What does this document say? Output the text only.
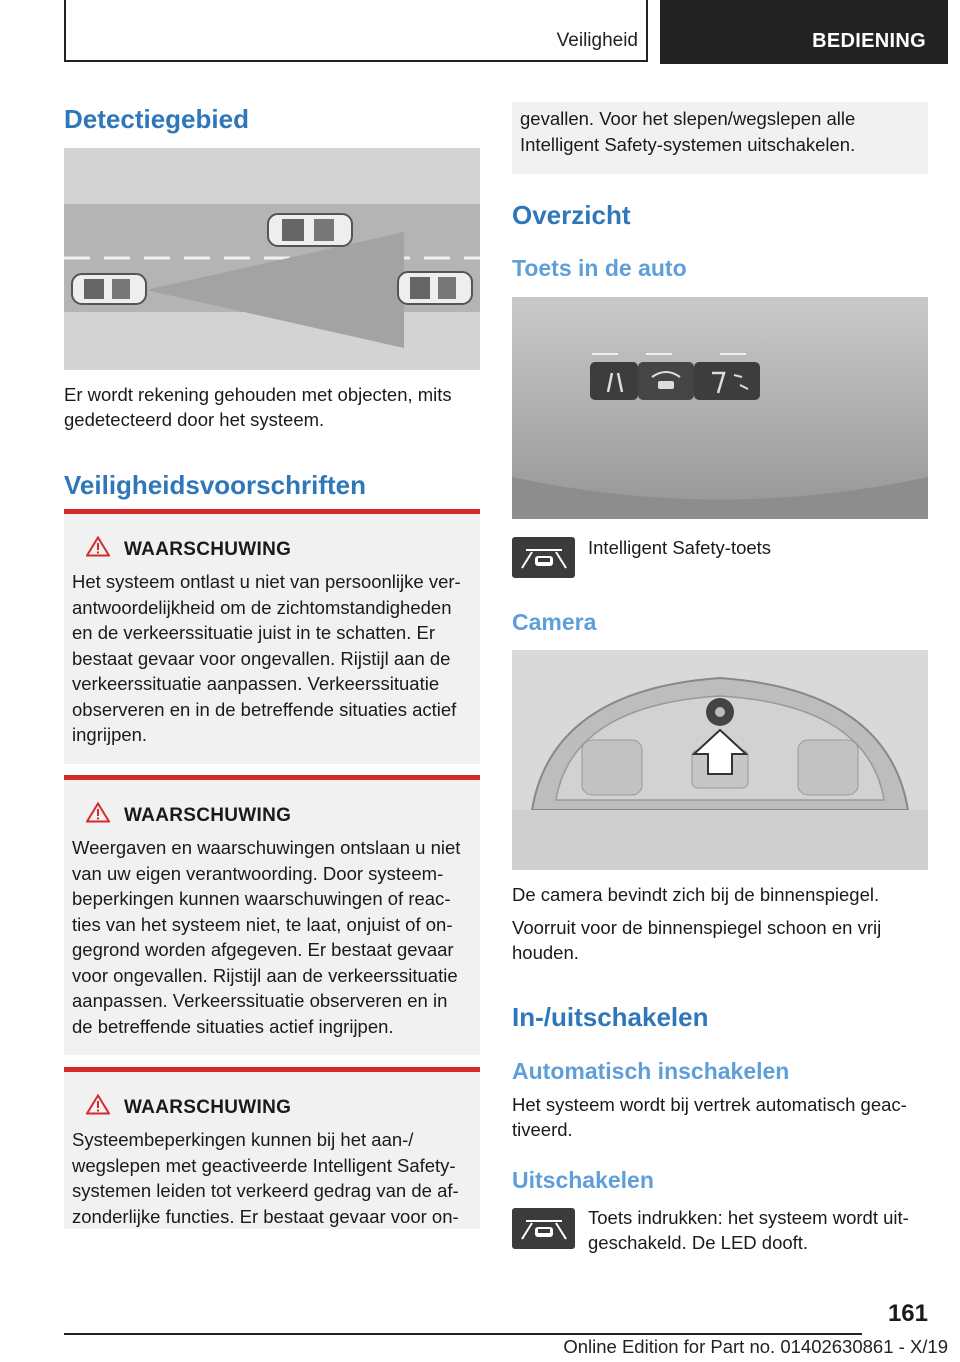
Veiligheid	BEDIENING
Detectiegebied

Er wordt rekening gehouden met objecten, mits gedetecteerd door het systeem.

Veiligheidsvoorschriften
WAARSCHUWING
Het systeem ontlast u niet van persoonlijke verantwoordelijkheid om de zichtomstandigheden en de verkeerssituatie juist in te schatten. Er bestaat gevaar voor ongevallen. Rijstijl aan de verkeerssituatie aanpassen. Verkeerssituatie observeren en in de betreffende situaties actief ingrijpen.
WAARSCHUWING
Weergaven en waarschuwingen ontslaan u niet van uw eigen verantwoording. Door systeembeperkingen kunnen waarschuwingen of reacties van het systeem niet, te laat, onjuist of ongegrond worden afgegeven. Er bestaat gevaar voor ongevallen. Rijstijl aan de verkeerssituatie aanpassen. Verkeerssituatie observeren en in de betreffende situaties actief ingrijpen.
WAARSCHUWING
Systeembeperkingen kunnen bij het aan-/ wegslepen met geactiveerde Intelligent Safety-systemen leiden tot verkeerd gedrag van de afzonderlijke functies. Er bestaat gevaar voor on-
gevallen. Voor het slepen/wegslepen alle Intelligent Safety-systemen uitschakelen.
Overzicht
Toets in de auto
Intelligent Safety-toets
Camera

De camera bevindt zich bij de binnenspiegel.

Voorruit voor de binnenspiegel schoon en vrij houden.

In-/uitschakelen
Automatisch inschakelen

Het systeem wordt bij vertrek automatisch geactiveerd.

Uitschakelen

Toets indrukken: het systeem wordt uitgeschakeld. De LED dooft.

161
Online Edition for Part no. 01402630861 - X/19
